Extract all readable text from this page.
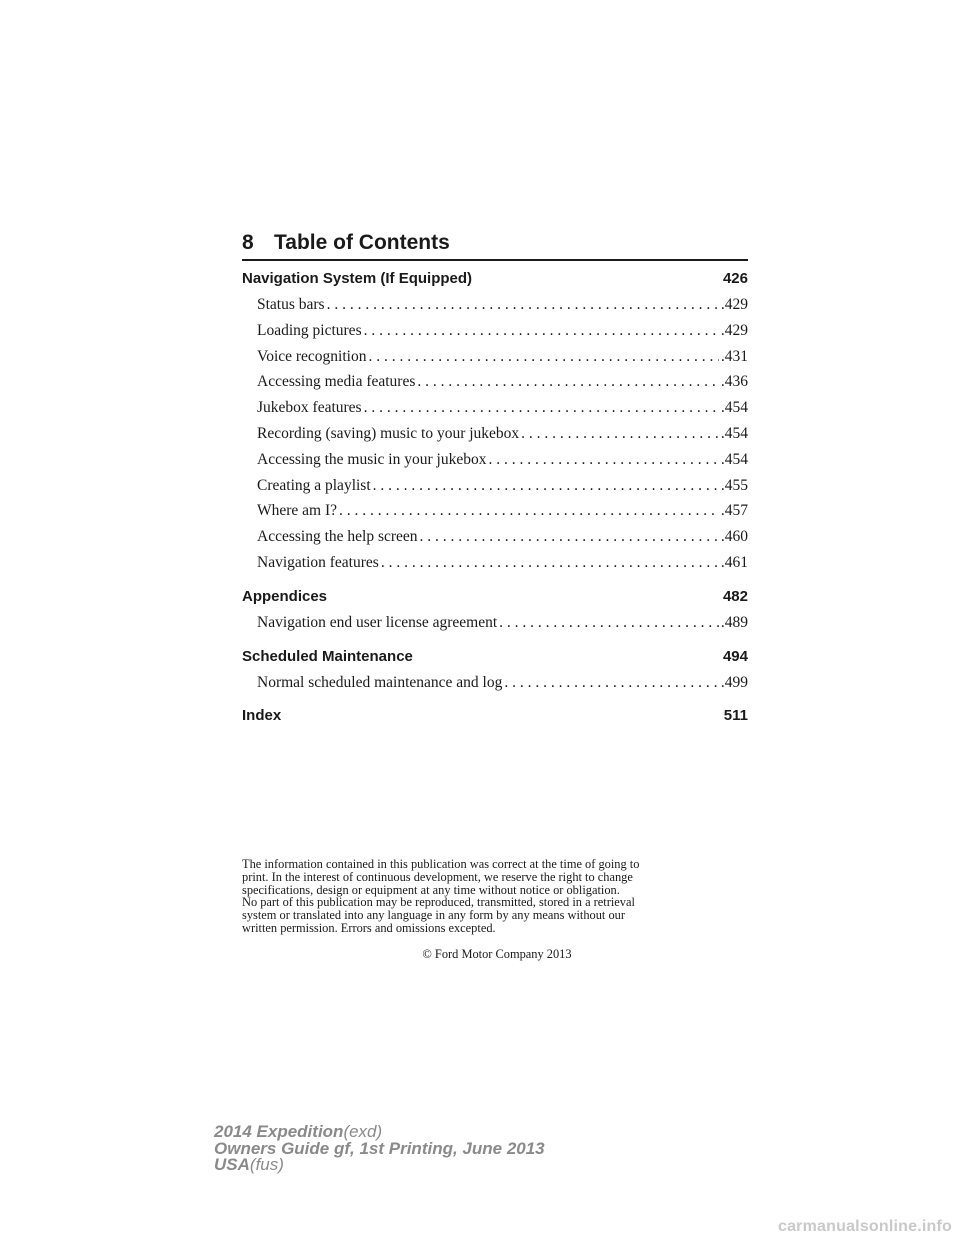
8 Table of Contents
Navigation System (If Equipped)	426
Status bars . . .	.429
Loading pictures . . .	.429
Voice recognition . . .	.431
Accessing media features . . .	.436
Jukebox features . . .	.454
Recording (saving) music to your jukebox . . .	.454
Accessing the music in your jukebox . . .	.454
Creating a playlist . . .	.455
Where am I? . . .	.457
Accessing the help screen . . .	.460
Navigation features . . .	.461
Appendices	482
Navigation end user license agreement . . .	.489
Scheduled Maintenance	494
Normal scheduled maintenance and log . . .	.499
Index	511
The information contained in this publication was correct at the time of going to
print. In the interest of continuous development, we reserve the right to change
specifications, design or equipment at any time without notice or obligation.
No part of this publication may be reproduced, transmitted, stored in a retrieval
system or translated into any language in any form by any means without our
written permission. Errors and omissions excepted.
© Ford Motor Company 2013
2014 Expedition(exd)
Owners Guide gf, 1st Printing, June 2013
USA(fus)
carmanualsonline.info
